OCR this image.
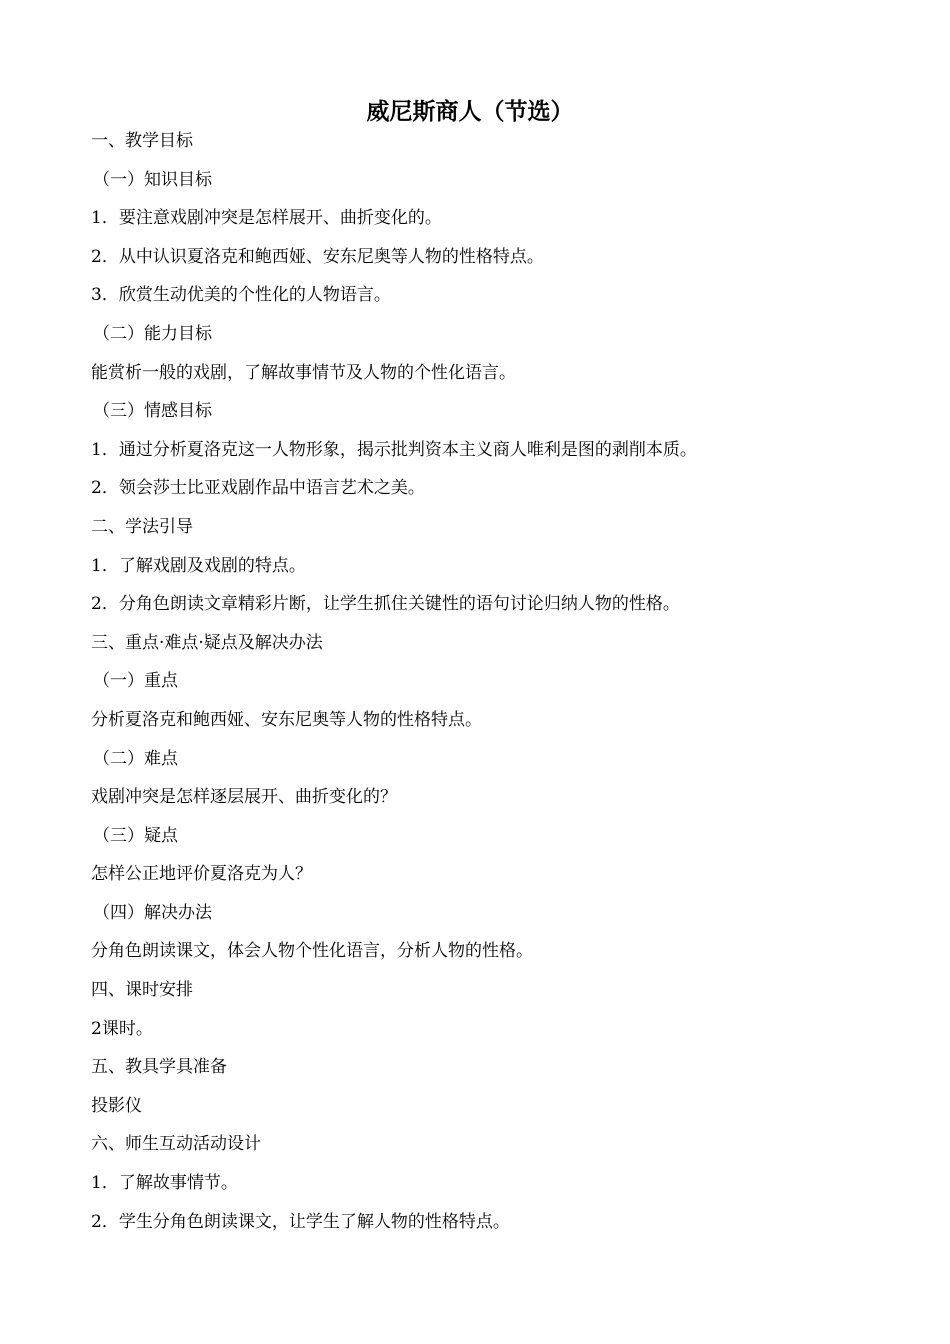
威尼斯商人（节选）
一、教学目标
（一）知识目标
1．要注意戏剧冲突是怎样展开、曲折变化的。
2．从中认识夏洛克和鲍西娅、安东尼奥等人物的性格特点。
3．欣赏生动优美的个性化的人物语言。
（二）能力目标
能赏析一般的戏剧，了解故事情节及人物的个性化语言。
（三）情感目标
1．通过分析夏洛克这一人物形象，揭示批判资本主义商人唯利是图的剥削本质。
2．领会莎士比亚戏剧作品中语言艺术之美。
二、学法引导
1．了解戏剧及戏剧的特点。
2．分角色朗读文章精彩片断，让学生抓住关键性的语句讨论归纳人物的性格。
三、重点·难点·疑点及解决办法
（一）重点
分析夏洛克和鲍西娅、安东尼奥等人物的性格特点。
（二）难点
戏剧冲突是怎样逐层展开、曲折变化的？
（三）疑点
怎样公正地评价夏洛克为人？
（四）解决办法
分角色朗读课文，体会人物个性化语言，分析人物的性格。
四、课时安排
2课时。
五、教具学具准备
投影仪
六、师生互动活动设计
1．了解故事情节。
2．学生分角色朗读课文，让学生了解人物的性格特点。
